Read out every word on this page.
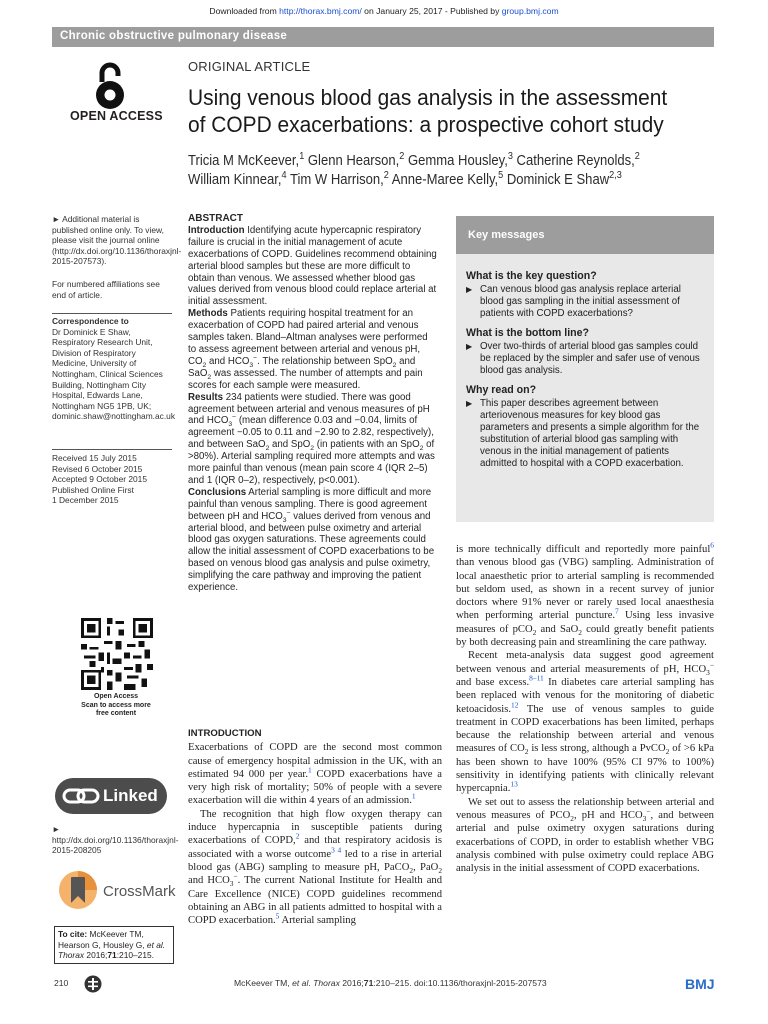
Downloaded from http://thorax.bmj.com/ on January 25, 2017 - Published by group.bmj.com
Chronic obstructive pulmonary disease
OPEN ACCESS
ORIGINAL ARTICLE
Using venous blood gas analysis in the assessment of COPD exacerbations: a prospective cohort study
Tricia M McKeever,$^1$ Glenn Hearson,$^2$ Gemma Housley,$^3$ Catherine Reynolds,$^2$
William Kinnear,$^4$ Tim W Harrison,$^2$ Anne-Maree Kelly,$^5$ Dominick E Shaw$^{2,3}$
► Additional material is published online only. To view, please visit the journal online (http://dx.doi.org/10.1136/thoraxjnl-2015-207573).
For numbered affiliations see end of article.
Correspondence to
Dr Dominick E Shaw, Respiratory Research Unit, Division of Respiratory Medicine, University of Nottingham, Clinical Sciences Building, Nottingham City Hospital, Edwards Lane, Nottingham NG5 1PB, UK; dominic.shaw@nottingham.ac.uk
Received 15 July 2015
Revised 6 October 2015
Accepted 9 October 2015
Published Online First
1 December 2015
Open Access
Scan to access more
free content
Linked
► http://dx.doi.org/10.1136/thoraxjnl-2015-208205
CrossMark
To cite: McKeever TM, Hearson G, Housley G, et al.
Thorax 2016;71:210–215.
ABSTRACT

Introduction Identifying acute hypercapnic respiratory failure is crucial in the initial management of acute exacerbations of COPD. Guidelines recommend obtaining arterial blood samples but these are more difficult to obtain than venous. We assessed whether blood gas values derived from venous blood could replace arterial at initial assessment.

Methods Patients requiring hospital treatment for an exacerbation of COPD had paired arterial and venous samples taken. Bland–Altman analyses were performed to assess agreement between arterial and venous pH, $CO_2$ and $HCO_3^-$. The relationship between SpO$_2$ and SaO$_2$ was assessed. The number of attempts and pain scores for each sample were measured.

Results 234 patients were studied. There was good agreement between arterial and venous measures of pH and $HCO_3^-$ (mean difference 0.03 and −0.04, limits of agreement −0.05 to 0.11 and −2.90 to 2.82, respectively), and between SaO$_2$ and SpO$_2$ (in patients with an SpO$_2$ of >80%). Arterial sampling required more attempts and was more painful than venous (mean pain score 4 (IQR 2–5) and 1 (IQR 0–2), respectively, p<0.001).

Conclusions Arterial sampling is more difficult and more painful than venous sampling. There is good agreement between pH and $HCO_3^-$ values derived from venous and arterial blood, and between pulse oximetry and arterial blood gas oxygen saturations. These agreements could allow the initial assessment of COPD exacerbations to be based on venous blood gas analysis and pulse oximetry, simplifying the care pathway and improving the patient experience.

INTRODUCTION

Exacerbations of COPD are the second most common cause of emergency hospital admission in the UK, with an estimated 94 000 per year.$^1$ COPD exacerbations have a very high risk of mortality; 50% of people with a severe exacerbation will die within 4 years of an admission.$^1$

The recognition that high flow oxygen therapy can induce hypercapnia in susceptible patients during exacerbations of COPD,$^2$ and that respiratory acidosis is associated with a worse outcome$^{3 4}$ led to a rise in arterial blood gas (ABG) sampling to measure pH, PaCO$_2$, PaO$_2$ and $HCO_3^-$. The current National Institute for Health and Care Excellence (NICE) COPD guidelines recommend obtaining an ABG in all patients admitted to hospital with a COPD exacerbation.$^5$ Arterial sampling

Key messages
What is the key question?
▶ Can venous blood gas analysis replace arterial blood gas sampling in the initial assessment of patients with COPD exacerbations?
What is the bottom line?
▶ Over two-thirds of arterial blood gas samples could be replaced by the simpler and safer use of venous blood gas analysis.
Why read on?
▶ This paper describes agreement between arteriovenous measures for key blood gas parameters and presents a simple algorithm for the substitution of arterial blood gas sampling with venous in the initial management of patients admitted to hospital with a COPD exacerbation.

is more technically difficult and reportedly more painful$^6$ than venous blood gas (VBG) sampling. Administration of local anaesthetic prior to arterial sampling is recommended but seldom used, as shown in a recent survey of junior doctors where 91% never or rarely used local anaesthesia when performing arterial puncture.$^7$ Using less invasive measures of pCO$_2$ and SaO$_2$ could greatly benefit patients by both decreasing pain and streamlining the care pathway.

Recent meta-analysis data suggest good agreement between venous and arterial measurements of pH, $HCO_3^-$ and base excess.$^{8-11}$ In diabetes care arterial sampling has been replaced with venous for the monitoring of diabetic ketoacidosis.$^{12}$ The use of venous samples to guide treatment in COPD exacerbations has been limited, perhaps because the relationship between arterial and venous measures of $CO_2$ is less strong, although a PvCO$_2$ of >6 kPa has been shown to have 100% (95% CI 97% to 100%) sensitivity in identifying patients with clinically relevant hypercapnia.$^{13}$

We set out to assess the relationship between arterial and venous measures of $PCO_2$, pH and $HCO_3^-$, and between arterial and pulse oximetry oxygen saturations during exacerbations of COPD, in order to establish whether VBG analysis combined with pulse oximetry could replace ABG analysis in the initial assessment of COPD exacerbations.

210	McKeever TM, et al. Thorax 2016;71:210–215. doi:10.1136/thoraxjnl-2015-207573	BMJ
